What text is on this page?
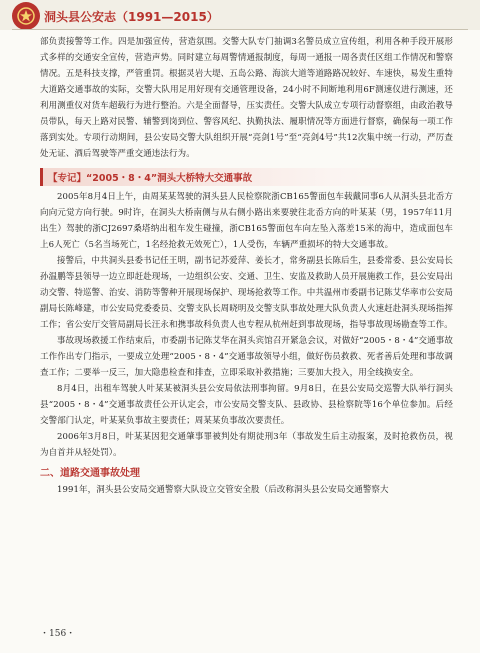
洞头县公安志（1991—2015）

部负责接警等工作。四是加强宣传，营造氛围。交警大队专门抽调3名警员成立宣传组，利用各种手段开展形式多样的交通安全宣传，营造声势。同时建立每周警情通报制度，每周一通报一周各责任区组工作情况和警察情况。五是科技支撑，严管重罚。根据灵岩大堤、五岛公路、海滨大道等道路路况较好、车速快，易发生重特大道路交通事故的实际，交警大队用足用好现有交通管理设备，24小时不间断地利用6F测速仪进行测速，还利用测重仪对货车超载行为进行整治。六是全面督导，压实责任。交警大队成立专项行动督察组，由政治教导员带队，每天上路对民警、辅警到岗到位、警容风纪、执勤执法、履职情况等方面进行督察，确保每一项工作落到实处。专项行动期间，县公安局交警大队组织开展“亮剑1号”至“亮剑4号”共12次集中统一行动，严厉查处无证、酒后驾驶等严重交通违法行为。

【专记】“2005・8・4”洞头大桥特大交通事故

2005年8月4日上午，由周某某驾驶的洞头县人民检察院浙CB165警面包车载戴同事6人从洞头县北岙方向向元觉方向行驶。9时许，在洞头大桥南侧与从右侧小路出来要驶往北岙方向的叶某某（男，1957年11月出生）驾驶的浙CJ2697桑塔纳出租车发生碰撞，浙CB165警面包车向左坠入落差15米的海中，造成面包车上6人死亡（5名当场死亡，1名经抢救无效死亡），1人受伤，车辆严重损坏的特大交通事故。

接警后，中共洞头县委书记任王明，副书记苏爱萍、姜长才，常务副县长陈后生，县委常委、县公安局长孙温鹏等县领导一边立即赶赴现场，一边组织公安、交通、卫生、安监及救助人员开展施救工作，县公安局出动交警、特巡警、治安、消防等警种开展现场保护、现场抢救等工作。中共温州市委副书记陈艾华率市公安局副局长陈峰建，市公安局党委委员、交警支队长周晓明及交警支队事故处理大队负责人火速赶赴洞头现场指挥工作；省公安厅交管局副局长汪永和携事故科负责人也专程从杭州赶到事故现场，指导事故现场勘查等工作。

事故现场救援工作结束后，市委副书记陈艾华在洞头宾馆召开紧急会议，对做好“2005・8・4”交通事故工作作出专门指示，一要成立处理“2005・8・4”交通事故领导小组，做好伤员救救、死者善后处理和事故调查工作；二要举一反三，加大隐患检查和排查，立即采取补救措施；三要加大投入，用全线换安全。

8月4日，出租车驾驶人叶某某被洞头县公安局依法刑事拘留。9月8日，在县公安局交巡警大队举行洞头县“2005・8・4”交通事故责任公开认定会，市公安局交警支队、县政协、县检察院等16个单位参加。后经交警部门认定，叶某某负事故主要责任；周某某负事故次要责任。

2006年3月8日，叶某某因犯交通肇事罪被判处有期徒刑3年（事故发生后主动报案，及时抢救伤员，视为自首并从轻处罚）。

二、道路交通事故处理

1991年，洞头县公安局交通警察大队设立交管安全股（后改称洞头县公安局交通警察大

・156・
